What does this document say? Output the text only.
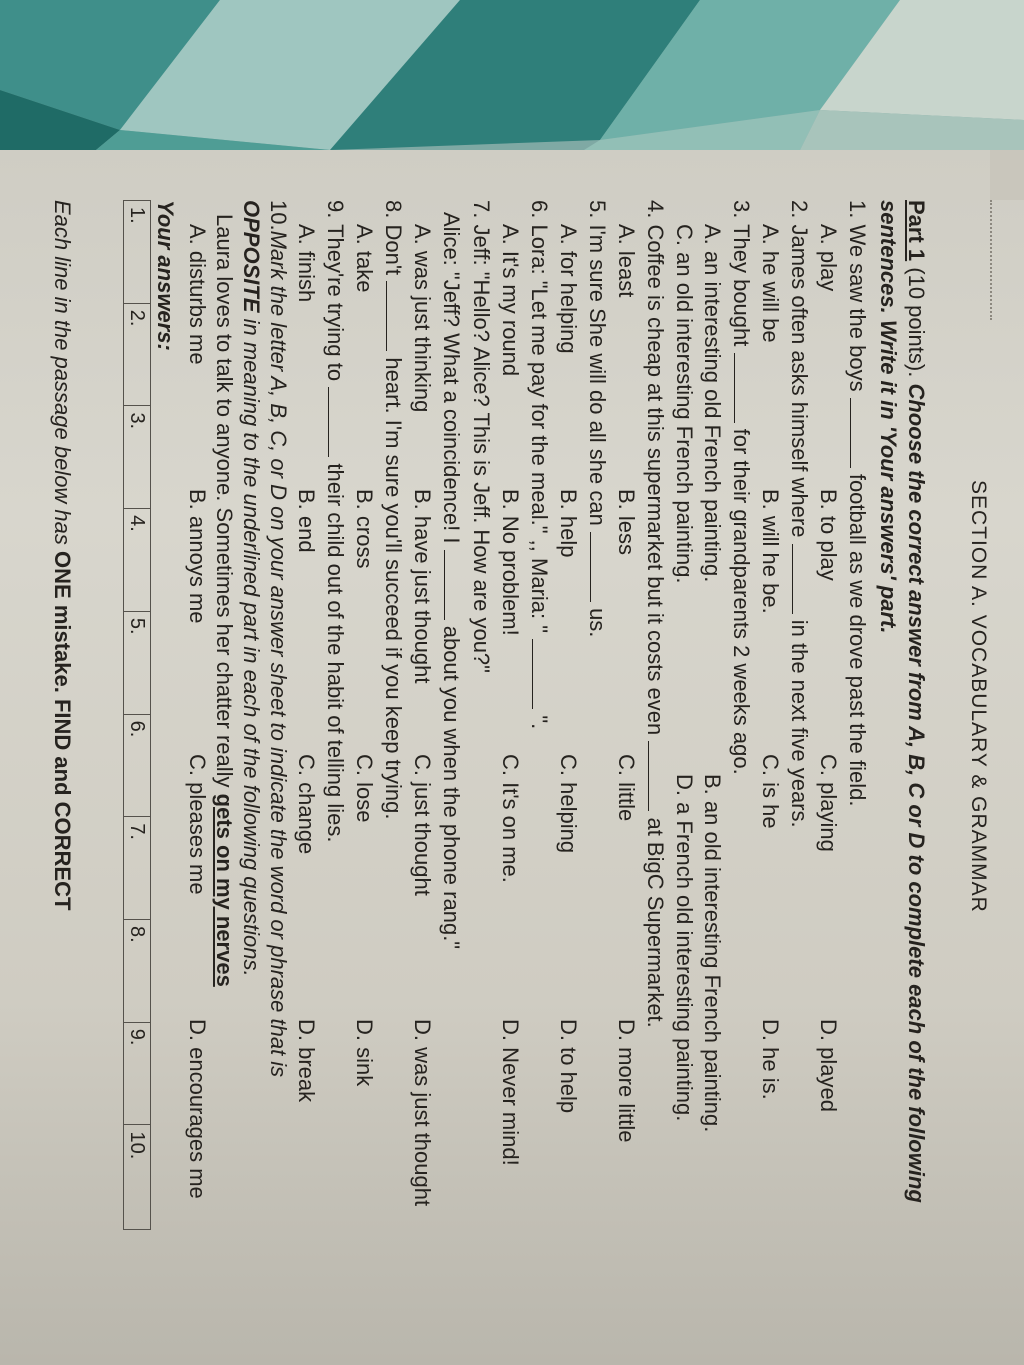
SECTION A. VOCABULARY & GRAMMAR

Part 1 (10 points). Choose the correct answer from A, B, C or D to complete each of the following sentences. Write it in 'Your answers' part.

1. We saw the boys  football as we drove past the field.

A. play
B. to play
C. playing
D. played

2. James often asks himself where  in the next five years.

A. he will be
B. will he be.
C. is he
D. he is.

3. They bought  for their grandparents 2 weeks ago.

A. an interesting old French painting.
B. an old interesting French painting.
C. an old interesting French painting.
D. a French old interesting painting.

4. Coffee is cheap at this supermarket but it costs even  at BigC Supermarket.

A. least
B. less
C. little
D. more little

5. I'm sure She will do all she can  us.

A. for helping
B. help
C. helping
D. to help

6. Lora: "Let me pay for the meal." ,, Maria: "  ".

A. It's my round
B. No problem!
C. It's on me.
D. Never mind!

7. Jeff: "Hello? Alice? This is Jeff. How are you?"

Alice: "Jeff? What a coincidence! I  about you when the phone rang."

A. was just thinking
B. have just thought
C. just thought
D. was just thought

8. Don't  heart. I'm sure you'll succeed if you keep trying.

A. take
B. cross
C. lose
D. sink

9. They're trying to  their child out of the habit of telling lies.

A. finish
B. end
C. change
D. break
10.Mark the letter A, B, C, or D on your answer sheet to indicate the word or phrase that is
OPPOSITE in meaning to the underlined part in each of the following questions.
Laura loves to talk to anyone. Sometimes her chatter really gets on my nerves
A. disturbs me
B. annoys me
C. pleases me
D. encourages me
Your answers:
1.	2.	3.	4.	5.	6.	7.	8.	9.	10.
Each line in the passage below has ONE mistake. FIND and CORRECT
